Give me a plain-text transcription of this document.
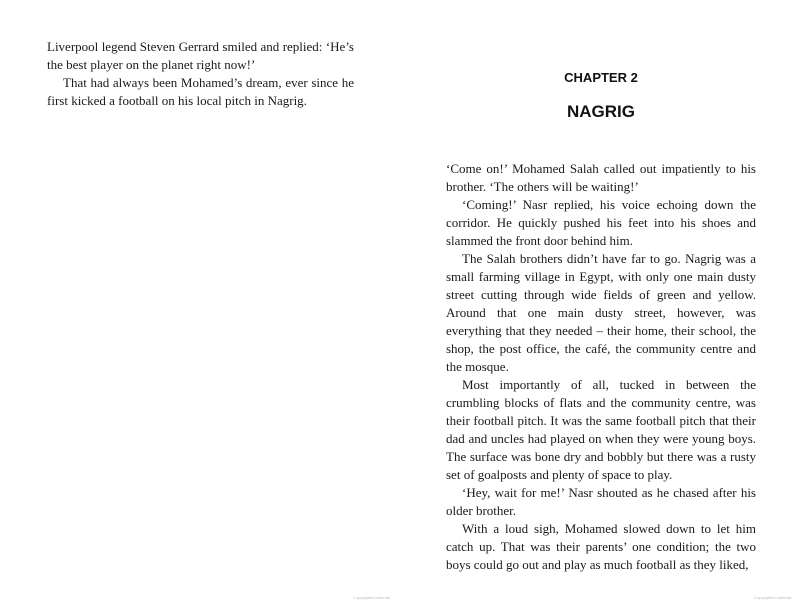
Liverpool legend Steven Gerrard smiled and replied: ‘He’s the best player on the planet right now!’

That had always been Mohamed’s dream, ever since he first kicked a football on his local pitch in Nagrig.

CHAPTER 2
NAGRIG

‘Come on!’ Mohamed Salah called out impatiently to his brother. ‘The others will be waiting!’

‘Coming!’ Nasr replied, his voice echoing down the corridor. He quickly pushed his feet into his shoes and slammed the front door behind him.

The Salah brothers didn’t have far to go. Nagrig was a small farming village in Egypt, with only one main dusty street cutting through wide fields of green and yellow. Around that one main dusty street, however, was everything that they needed – their home, their school, the shop, the post office, the café, the community centre and the mosque.

Most importantly of all, tucked in between the crumbling blocks of flats and the community centre, was their football pitch. It was the same football pitch that their dad and uncles had played on when they were young boys. The surface was bone dry and bobbly but there was a rusty set of goalposts and plenty of space to play.

‘Hey, wait for me!’ Nasr shouted as he chased after his older brother.

With a loud sigh, Mohamed slowed down to let him catch up. That was their parents’ one condition; the two boys could go out and play as much football as they liked,

Copyrighted material	Copyrighted material
